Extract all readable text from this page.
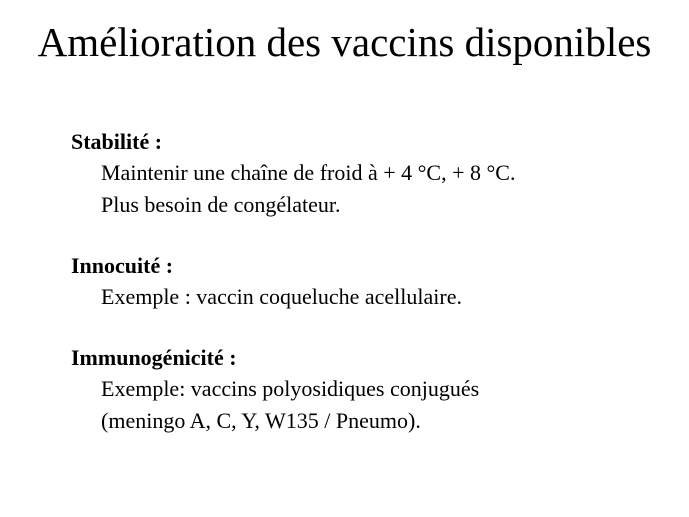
Amélioration des vaccins disponibles
Stabilité :
Maintenir une chaîne de froid à + 4 °C, + 8 °C.
Plus besoin de congélateur.
Innocuité :
Exemple : vaccin coqueluche acellulaire.
Immunogénicité :
Exemple: vaccins polyosidiques conjugués
(meningo A, C, Y, W135 / Pneumo).
